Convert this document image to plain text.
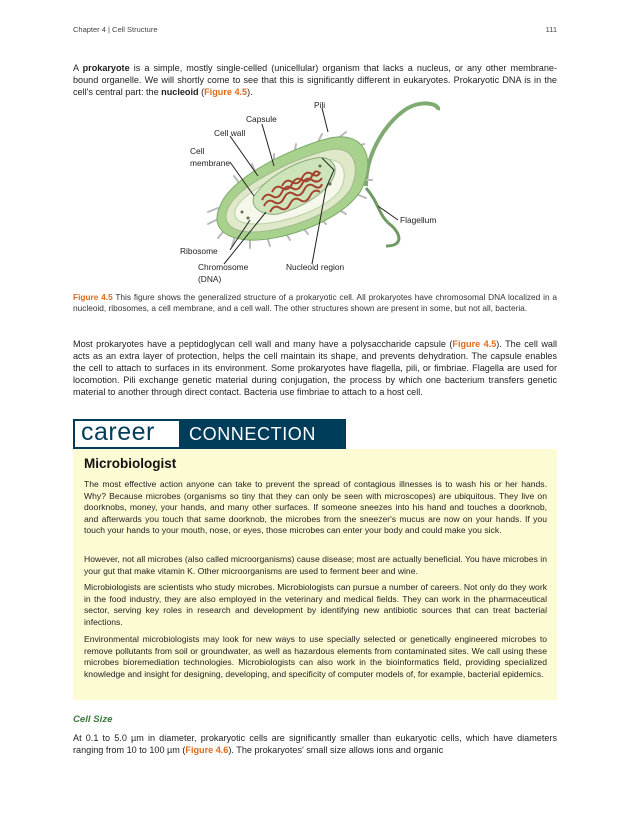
Chapter 4 | Cell Structure	111

A prokaryote is a simple, mostly single-celled (unicellular) organism that lacks a nucleus, or any other membrane-bound organelle. We will shortly come to see that this is significantly different in eukaryotes. Prokaryotic DNA is in the cell's central part: the nucleoid (Figure 4.5).

Pili
Capsule
Cell wall
Cell
membrane
Flagellum
Ribosome
Chromosome
(DNA)
Nucleoid region

Figure 4.5 This figure shows the generalized structure of a prokaryotic cell. All prokaryotes have chromosomal DNA localized in a nucleoid, ribosomes, a cell membrane, and a cell wall. The other structures shown are present in some, but not all, bacteria.

Most prokaryotes have a peptidoglycan cell wall and many have a polysaccharide capsule (Figure 4.5). The cell wall acts as an extra layer of protection, helps the cell maintain its shape, and prevents dehydration. The capsule enables the cell to attach to surfaces in its environment. Some prokaryotes have flagella, pili, or fimbriae. Flagella are used for locomotion. Pili exchange genetic material during conjugation, the process by which one bacterium transfers genetic material to another through direct contact. Bacteria use fimbriae to attach to a host cell.

career CONNECTION
Microbiologist

The most effective action anyone can take to prevent the spread of contagious illnesses is to wash his or her hands. Why? Because microbes (organisms so tiny that they can only be seen with microscopes) are ubiquitous. They live on doorknobs, money, your hands, and many other surfaces. If someone sneezes into his hand and touches a doorknob, and afterwards you touch that same doorknob, the microbes from the sneezer's mucus are now on your hands. If you touch your hands to your mouth, nose, or eyes, those microbes can enter your body and could make you sick.

However, not all microbes (also called microorganisms) cause disease; most are actually beneficial. You have microbes in your gut that make vitamin K. Other microorganisms are used to ferment beer and wine.

Microbiologists are scientists who study microbes. Microbiologists can pursue a number of careers. Not only do they work in the food industry, they are also employed in the veterinary and medical fields. They can work in the pharmaceutical sector, serving key roles in research and development by identifying new antibiotic sources that can treat bacterial infections.

Environmental microbiologists may look for new ways to use specially selected or genetically engineered microbes to remove pollutants from soil or groundwater, as well as hazardous elements from contaminated sites. We call using these microbes bioremediation technologies. Microbiologists can also work in the bioinformatics field, providing specialized knowledge and insight for designing, developing, and specificity of computer models of, for example, bacterial epidemics.

Cell Size

At 0.1 to 5.0 µm in diameter, prokaryotic cells are significantly smaller than eukaryotic cells, which have diameters ranging from 10 to 100 µm (Figure 4.6). The prokaryotes' small size allows ions and organic
